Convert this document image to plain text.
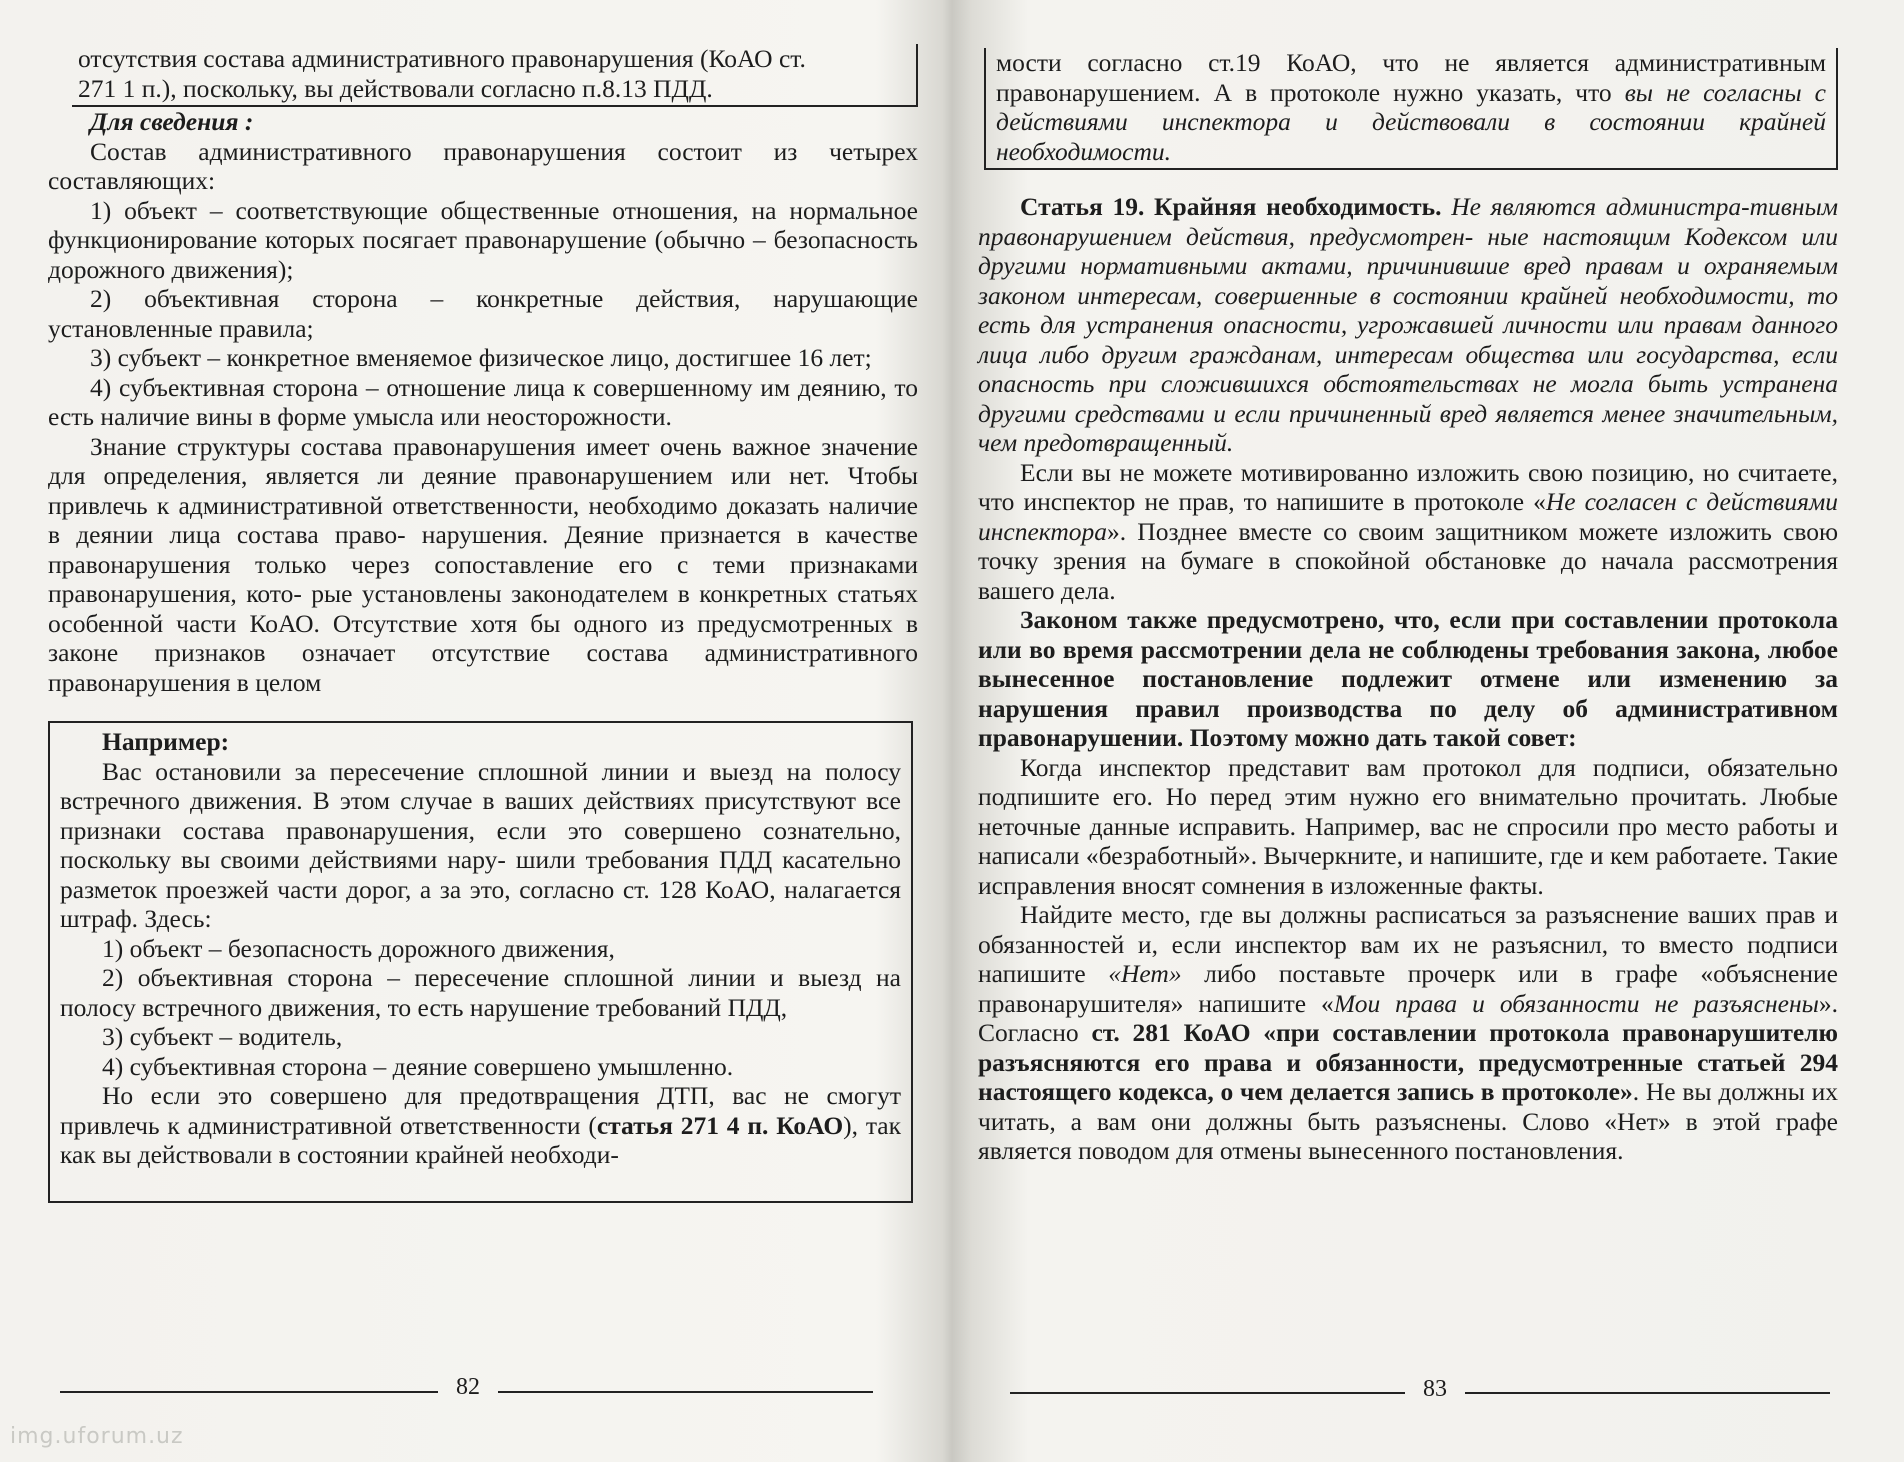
отсутствия состава административного правонарушения (КоАО ст.

271 1 п.), поскольку, вы действовали согласно п.8.13 ПДД.

Для сведения :

Состав административного правонарушения состоит из четырех составляющих:

1) объект – соответствующие общественные отношения, на нормальное функционирование которых посягает правонарушение (обычно – безопасность дорожного движения);

2) объективная сторона – конкретные действия, нарушающие установленные правила;

3) субъект – конкретное вменяемое физическое лицо, достигшее 16 лет;

4) субъективная сторона – отношение лица к совершенному им деянию, то есть наличие вины в форме умысла или неосторожности.

Знание структуры состава правонарушения имеет очень важное значение для определения, является ли деяние правонарушением или нет. Чтобы привлечь к административной ответственности, необходимо доказать наличие в деянии лица состава право- нарушения. Деяние признается в качестве правонарушения только через сопоставление его с теми признаками правонарушения, кото- рые установлены законодателем в конкретных статьях особенной части КоАО. Отсутствие хотя бы одного из предусмотренных в законе признаков означает отсутствие состава административного правонарушения в целом

Например:

Вас остановили за пересечение сплошной линии и выезд на полосу встречного движения. В этом случае в ваших действиях присутствуют все признаки состава правонарушения, если это совершено сознательно, поскольку вы своими действиями нару- шили требования ПДД касательно разметок проезжей части дорог, а за это, согласно ст. 128 КоАО, налагается штраф. Здесь:

1) объект – безопасность дорожного движения,

2) объективная сторона – пересечение сплошной линии и выезд на полосу встречного движения, то есть нарушение требований ПДД,

3) субъект – водитель,

4) субъективная сторона – деяние совершено умышленно.

Но если это совершено для предотвращения ДТП, вас не смогут привлечь к административной ответственности (статья 271 4 п. КоАО), так как вы действовали в состоянии крайней необходи-

82

мости согласно ст.19 КоАО, что не является административным правонарушением. А в протоколе нужно указать, что вы не согласны с действиями инспектора и действовали в состоянии крайней необходимости.

Статья 19. Крайняя необходимость. Не являются администра-тивным правонарушением действия, предусмотрен- ные настоящим Кодексом или другими нормативными актами, причинившие вред правам и охраняемым законом интересам, совершенные в состоянии крайней необходимости, то есть для устранения опасности, угрожавшей личности или правам данного лица либо другим гражданам, интересам общества или государства, если опасность при сложившихся обстоятельствах не могла быть устранена другими средствами и если причиненный вред является менее значительным, чем предотвращенный.

Если вы не можете мотивированно изложить свою позицию, но считаете, что инспектор не прав, то напишите в протоколе «Не согласен с действиями инспектора». Позднее вместе со своим защитником можете изложить свою точку зрения на бумаге в спокойной обстановке до начала рассмотрения вашего дела.

Законом также предусмотрено, что, если при составлении протокола или во время рассмотрении дела не соблюдены требования закона, любое вынесенное постановление подлежит отмене или изменению за нарушения правил производства по делу об административном правонарушении. Поэтому можно дать такой совет:

Когда инспектор представит вам протокол для подписи, обязательно подпишите его. Но перед этим нужно его внимательно прочитать. Любые неточные данные исправить. Например, вас не спросили про место работы и написали «безработный». Вычеркните, и напишите, где и кем работаете. Такие исправления вносят сомнения в изложенные факты.

Найдите место, где вы должны расписаться за разъяснение ваших прав и обязанностей и, если инспектор вам их не разъяснил, то вместо подписи напишите «Нет» либо поставьте прочерк или в графе «объяснение правонарушителя» напишите «Мои права и обязанности не разъяснены». Согласно ст. 281 КоАО «при составлении протокола правонарушителю разъясняются его права и обязанности, предусмотренные статьей 294 настоящего кодекса, о чем делается запись в протоколе». Не вы должны их читать, а вам они должны быть разъяснены. Слово «Нет» в этой графе является поводом для отмены вынесенного постановления.

83
img.uforum.uz
